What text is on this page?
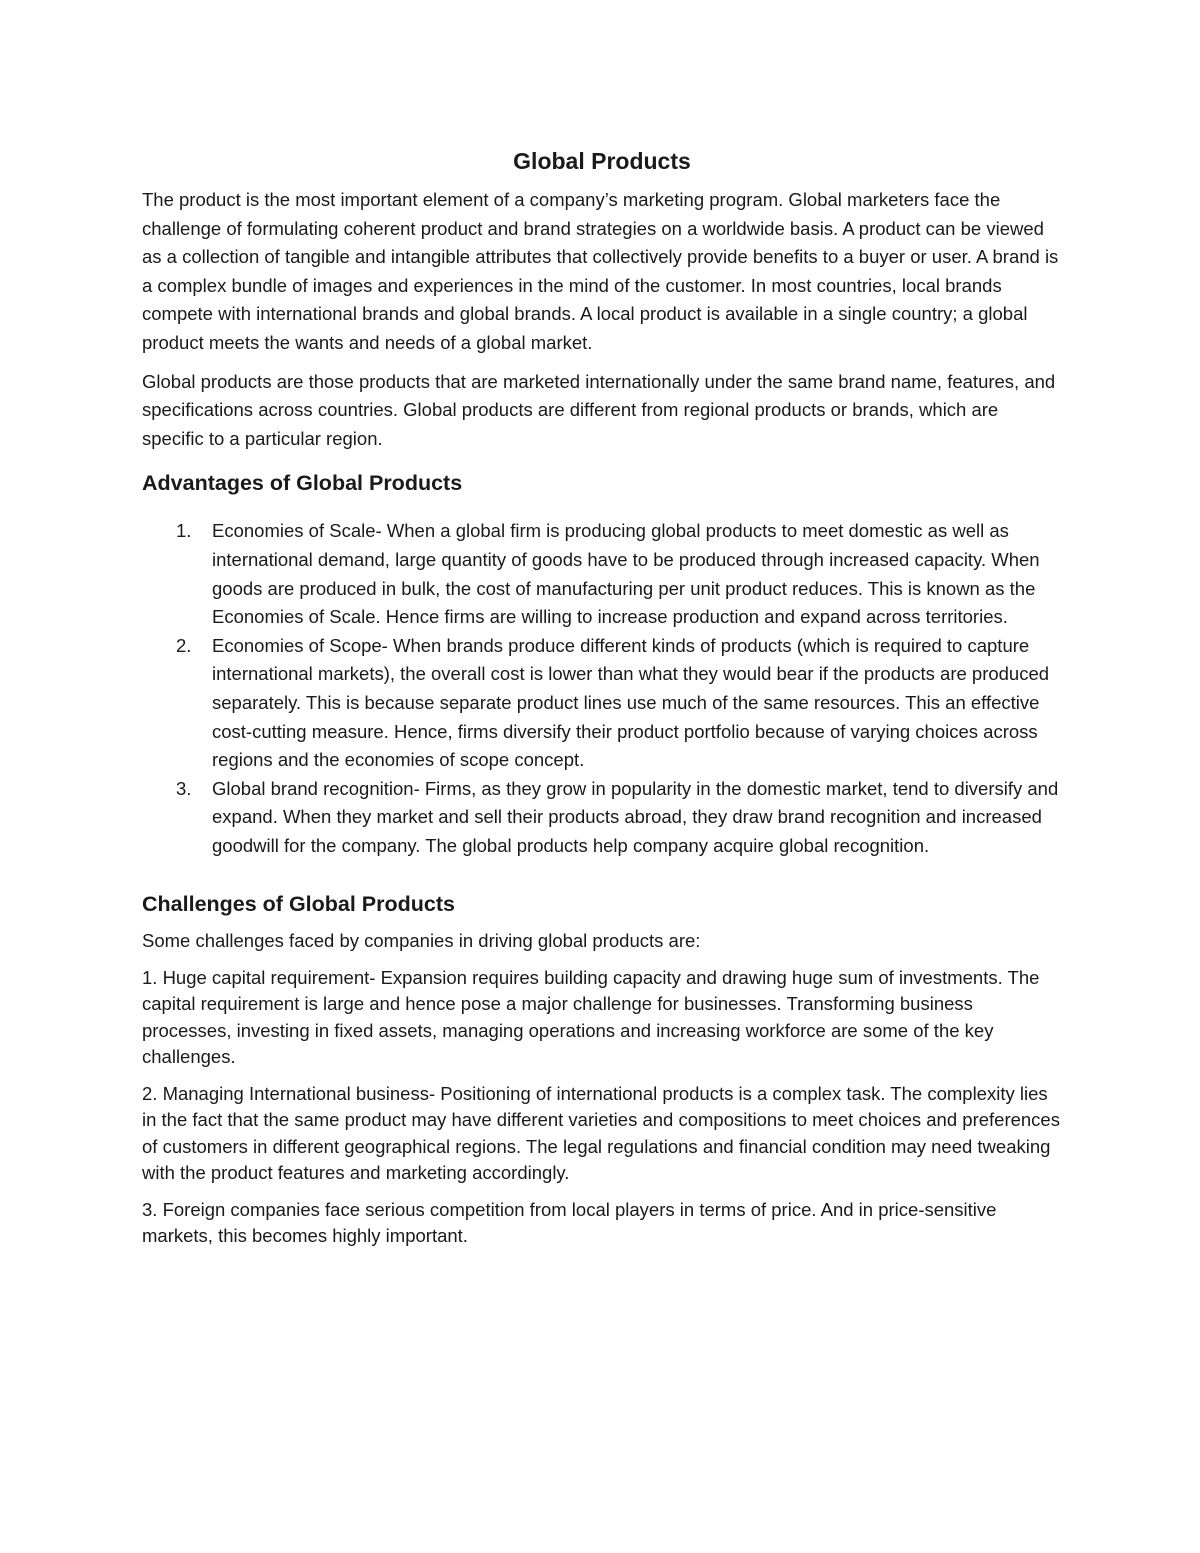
Global Products

The product is the most important element of a company’s marketing program. Global marketers face the challenge of formulating coherent product and brand strategies on a worldwide basis. A product can be viewed as a collection of tangible and intangible attributes that collectively provide benefits to a buyer or user. A brand is a complex bundle of images and experiences in the mind of the customer. In most countries, local brands compete with international brands and global brands. A local product is available in a single country; a global product meets the wants and needs of a global market.

Global products are those products that are marketed internationally under the same brand name, features, and specifications across countries. Global products are different from regional products or brands, which are specific to a particular region.

Advantages of Global Products
1. Economies of Scale- When a global firm is producing global products to meet domestic as well as international demand, large quantity of goods have to be produced through increased capacity. When goods are produced in bulk, the cost of manufacturing per unit product reduces. This is known as the Economies of Scale. Hence firms are willing to increase production and expand across territories.
2. Economies of Scope- When brands produce different kinds of products (which is required to capture international markets), the overall cost is lower than what they would bear if the products are produced separately. This is because separate product lines use much of the same resources. This an effective cost-cutting measure. Hence, firms diversify their product portfolio because of varying choices across regions and the economies of scope concept.
3. Global brand recognition- Firms, as they grow in popularity in the domestic market, tend to diversify and expand. When they market and sell their products abroad, they draw brand recognition and increased goodwill for the company. The global products help company acquire global recognition.
Challenges of Global Products

Some challenges faced by companies in driving global products are:

1. Huge capital requirement- Expansion requires building capacity and drawing huge sum of investments. The capital requirement is large and hence pose a major challenge for businesses. Transforming business processes, investing in fixed assets, managing operations and increasing workforce are some of the key challenges.

2. Managing International business- Positioning of international products is a complex task. The complexity lies in the fact that the same product may have different varieties and compositions to meet choices and preferences of customers in different geographical regions. The legal regulations and financial condition may need tweaking with the product features and marketing accordingly.

3. Foreign companies face serious competition from local players in terms of price. And in price-sensitive markets, this becomes highly important.
